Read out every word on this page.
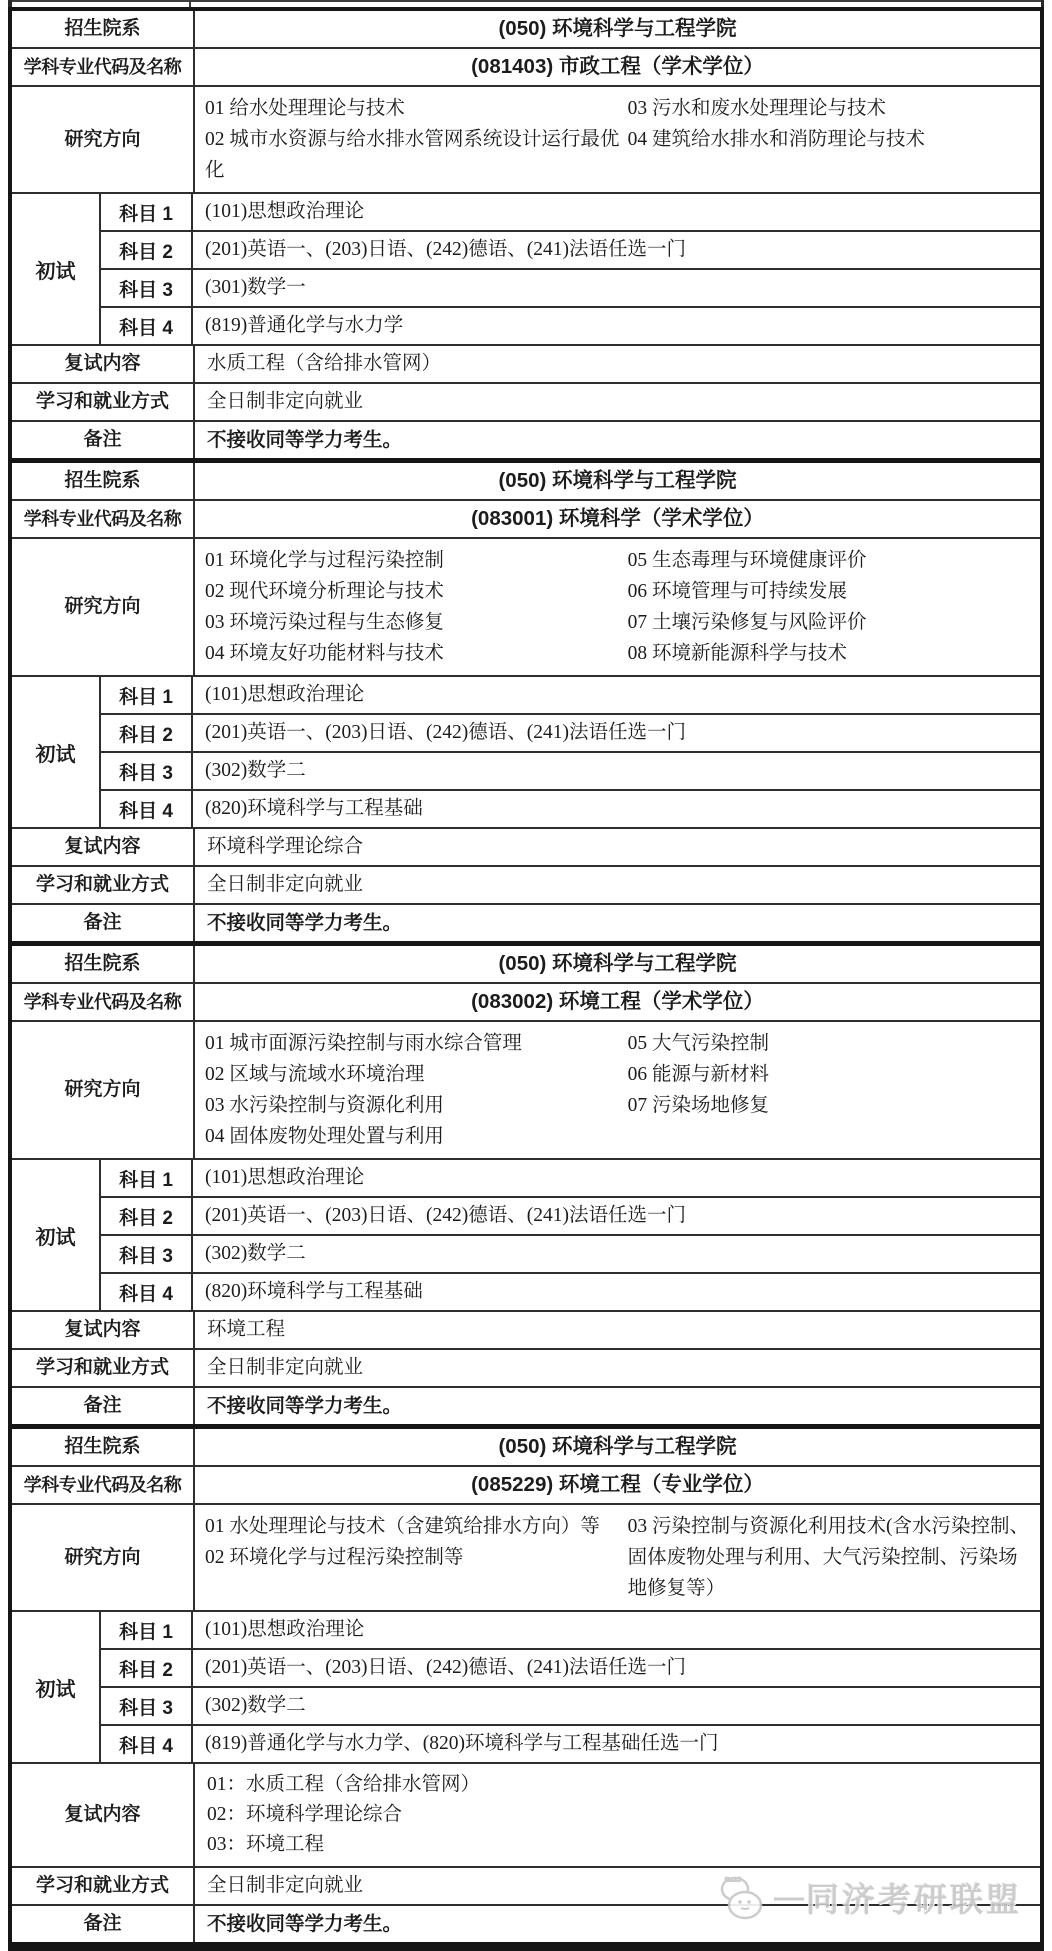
招生院系	(050) 环境科学与工程学院
学科专业代码及名称	(081403) 市政工程（学术学位）
研究方向
01 给水处理理论与技术
02 城市水资源与给水排水管网系统设计运行最优化
03 污水和废水处理理论与技术
04 建筑给水排水和消防理论与技术
初试
科目 1	(101)思想政治理论
科目 2	(201)英语一、(203)日语、(242)德语、(241)法语任选一门
科目 3	(301)数学一
科目 4	(819)普通化学与水力学
复试内容	水质工程（含给排水管网）
学习和就业方式	全日制非定向就业
备注	不接收同等学力考生。
招生院系	(050) 环境科学与工程学院
学科专业代码及名称	(083001) 环境科学（学术学位）
研究方向
01 环境化学与过程污染控制
02 现代环境分析理论与技术
03 环境污染过程与生态修复
04 环境友好功能材料与技术
05 生态毒理与环境健康评价
06 环境管理与可持续发展
07 土壤污染修复与风险评价
08 环境新能源科学与技术
初试
科目 1	(101)思想政治理论
科目 2	(201)英语一、(203)日语、(242)德语、(241)法语任选一门
科目 3	(302)数学二
科目 4	(820)环境科学与工程基础
复试内容	环境科学理论综合
学习和就业方式	全日制非定向就业
备注	不接收同等学力考生。
招生院系	(050) 环境科学与工程学院
学科专业代码及名称	(083002) 环境工程（学术学位）
研究方向
01 城市面源污染控制与雨水综合管理
02 区域与流域水环境治理
03 水污染控制与资源化利用
04 固体废物处理处置与利用
05 大气污染控制
06 能源与新材料
07 污染场地修复
初试
科目 1	(101)思想政治理论
科目 2	(201)英语一、(203)日语、(242)德语、(241)法语任选一门
科目 3	(302)数学二
科目 4	(820)环境科学与工程基础
复试内容	环境工程
学习和就业方式	全日制非定向就业
备注	不接收同等学力考生。
招生院系	(050) 环境科学与工程学院
学科专业代码及名称	(085229) 环境工程（专业学位）
研究方向
01 水处理理论与技术（含建筑给排水方向）等
02 环境化学与过程污染控制等
03 污染控制与资源化利用技术(含水污染控制、固体废物处理与利用、大气污染控制、污染场地修复等）
初试
科目 1	(101)思想政治理论
科目 2	(201)英语一、(203)日语、(242)德语、(241)法语任选一门
科目 3	(302)数学二
科目 4	(819)普通化学与水力学、(820)环境科学与工程基础任选一门
复试内容
01：水质工程（含给排水管网）
02：环境科学理论综合
03：环境工程
学习和就业方式	全日制非定向就业
备注	不接收同等学力考生。
— 同济考研联盟
